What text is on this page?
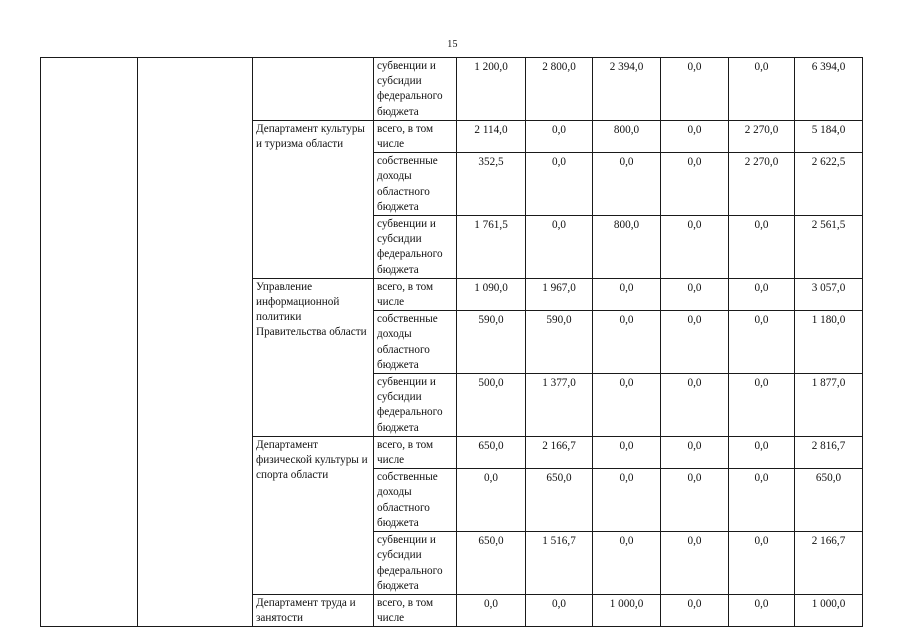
15
			субвенции и субсидии федерального бюджета	1 200,0	2 800,0	2 394,0	0,0	0,0	6 394,0
		Департамент культуры и туризма области	всего, в том числе	2 114,0	0,0	800,0	0,0	2 270,0	5 184,0
			собственные доходы областного бюджета	352,5	0,0	0,0	0,0	2 270,0	2 622,5
			субвенции и субсидии федерального бюджета	1 761,5	0,0	800,0	0,0	0,0	2 561,5
		Управление информационной политики Правительства области	всего, в том числе	1 090,0	1 967,0	0,0	0,0	0,0	3 057,0
			собственные доходы областного бюджета	590,0	590,0	0,0	0,0	0,0	1 180,0
			субвенции и субсидии федерального бюджета	500,0	1 377,0	0,0	0,0	0,0	1 877,0
		Департамент физической культуры и спорта области	всего, в том числе	650,0	2 166,7	0,0	0,0	0,0	2 816,7
			собственные доходы областного бюджета	0,0	650,0	0,0	0,0	0,0	650,0
			субвенции и субсидии федерального бюджета	650,0	1 516,7	0,0	0,0	0,0	2 166,7
		Департамент труда и занятости	всего, в том числе	0,0	0,0	1 000,0	0,0	0,0	1 000,0
